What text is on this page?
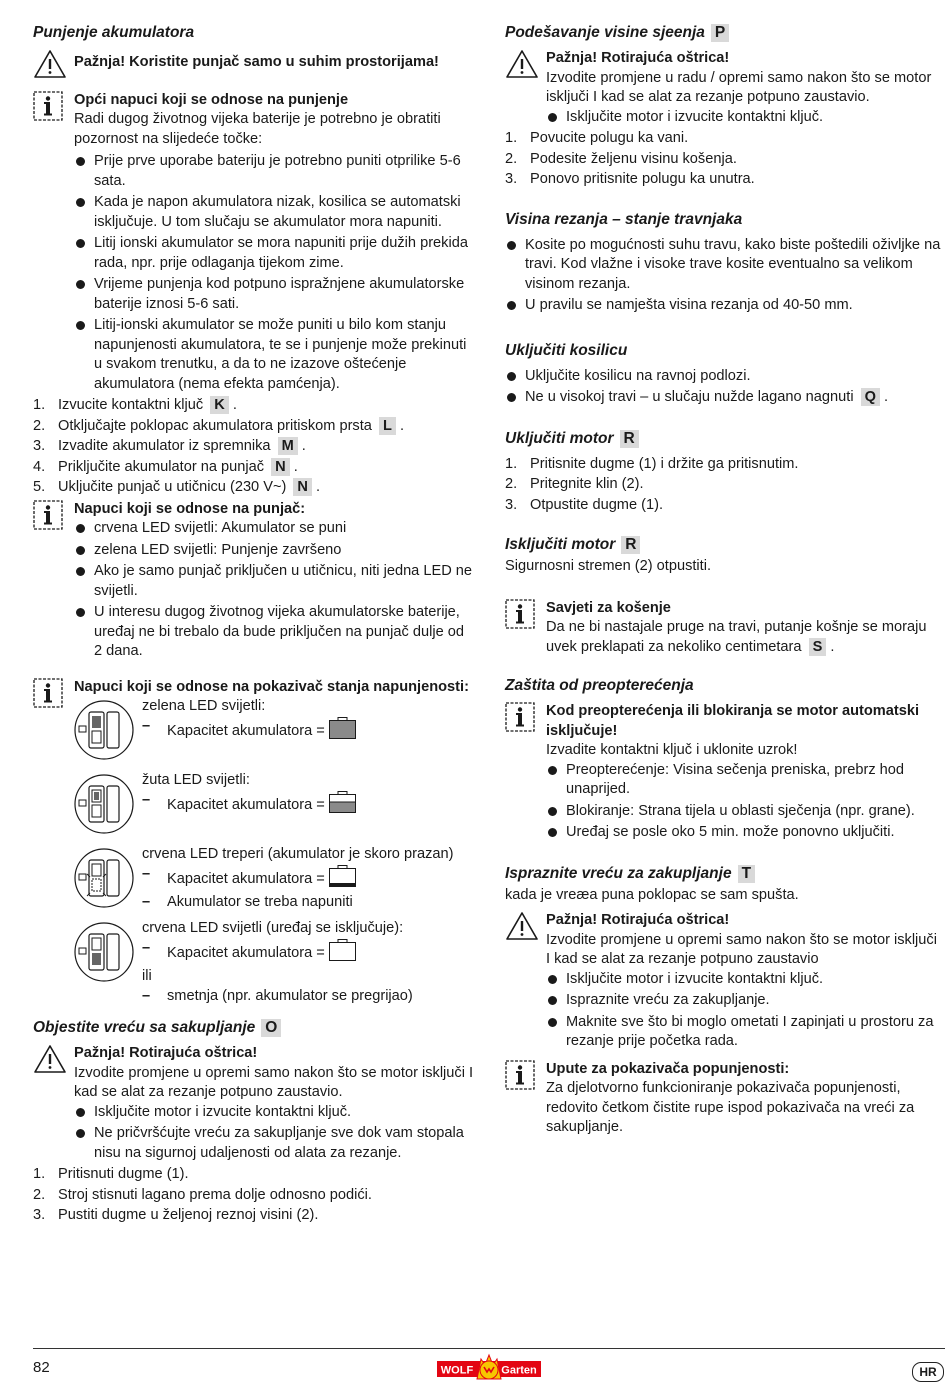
Punjenje akumulatora
Pažnja! Koristite punjač samo u suhim prostorijama!
Opći napuci koji se odnose na punjenje
Radi dugog životnog vijeka baterije je potrebno je obratiti pozornost na slijedeće točke:
Prije prve uporabe bateriju je potrebno puniti otprilike 5-6 sata.
Kada je napon akumulatora nizak, kosilica se automatski isključuje. U tom slučaju se akumulator mora napuniti.
Litij ionski akumulator se mora napuniti prije dužih prekida rada, npr. prije odlaganja tijekom zime.
Vrijeme punjenja kod potpuno ispražnjene akumulatorske baterije iznosi 5-6 sati.
Litij-ionski akumulator se može puniti u bilo kom stanju napunjenosti akumulatora, te se i punjenje može prekinuti u svakom trenutku, a da to ne izazove oštećenje akumulatora (nema efekta pamćenja).
1. Izvucite kontaktni ključ K .
2. Otključajte poklopac akumulatora pritiskom prsta L .
3. Izvadite akumulator iz spremnika M .
4. Priključite akumulator na punjač N .
5. Uključite punjač u utičnicu (230 V~) N .
Napuci koji se odnose na punjač:
crvena LED svijetli: Akumulator se puni
zelena LED svijetli: Punjenje završeno
Ako je samo punjač priključen u utičnicu, niti jedna LED ne svijetli.
U interesu dugog životnog vijeka akumulatorske baterije, uređaj ne bi trebalo da bude priključen na punjač dulje od 2 dana.
Napuci koji se odnose na pokazivač stanja napunjenosti:
zelena LED svijetli:
– Kapacitet akumulatora =
žuta LED svijetli:
– Kapacitet akumulatora =
crvena LED treperi (akumulator je skoro prazan)
– Kapacitet akumulatora =
– Akumulator se treba napuniti
crvena LED svijetli (uređaj se isključuje):
– Kapacitet akumulatora =
ili
– smetnja (npr. akumulator se pregrijao)
Objestite vreću sa sakupljanje O
Pažnja! Rotirajuća oštrica!
Izvodite promjene u opremi samo nakon što se motor isključi I kad se alat za rezanje potpuno zaustavio.
Isključite motor i izvucite kontaktni ključ.
Ne pričvršćujte vreću za sakupljanje sve dok vam stopala nisu na sigurnoj udaljenosti od alata za rezanje.
1. Pritisnuti dugme (1).
2. Stroj stisnuti lagano prema dolje odnosno podići.
3. Pustiti dugme u željenoj reznoj visini (2).
Podešavanje visine sjeenja P
Pažnja! Rotirajuća oštrica!
Izvodite promjene u radu / opremi samo nakon što se motor isključi I kad se alat za rezanje potpuno zaustavio.
Isključite motor i izvucite kontaktni ključ.
1. Povucite polugu ka vani.
2. Podesite željenu visinu košenja.
3. Ponovo pritisnite polugu ka unutra.
Visina rezanja – stanje travnjaka
Kosite po mogućnosti suhu travu, kako biste poštedili oživljke na travi. Kod vlažne i visoke trave kosite eventualno sa velikom visinom rezanja.
U pravilu se namješta visina rezanja od 40-50 mm.
Uključiti kosilicu
Uključite kosilicu na ravnoj podlozi.
Ne u visokoj travi – u slučaju nužde lagano nagnuti Q .
Uključiti motor R
1. Pritisnite dugme (1) i držite ga pritisnutim.
2. Pritegnite klin (2).
3. Otpustite dugme (1).
Isključiti motor R
Sigurnosni stremen (2) otpustiti.
Savjeti za košenje
Da ne bi nastajale pruge na travi, putanje košnje se moraju uvek preklapati za nekoliko centimetara S .
Zaštita od preopterećenja
Kod preopterećenja ili blokiranja se motor automatski isključuje!
Izvadite kontaktni ključ i uklonite uzrok!
Preopterećenje: Visina sečenja preniska, prebrz hod unaprijed.
Blokiranje: Strana tijela u oblasti sječenja (npr. grane).
Uređaj se posle oko 5 min. može ponovno uključiti.
Ispraznite vreću za zakupljanje T
kada je vreæa puna poklopac se sam spušta.
Pažnja! Rotirajuća oštrica!
Izvodite promjene u opremi samo nakon što se motor isključi I kad se alat za rezanje potpuno zaustavio
Isključite motor i izvucite kontaktni ključ.
Ispraznite vreću za zakupljanje.
Maknite sve što bi moglo ometati I zapinjati u prostoru za rezanje prije početka rada.
Upute za pokazivača popunjenosti:
Za djelotvorno funkcioniranje pokazivača popunjenosti, redovito četkom čistite rupe ispod pokazivača na vreći za sakupljanje.
82	WOLF	Garten	HR
